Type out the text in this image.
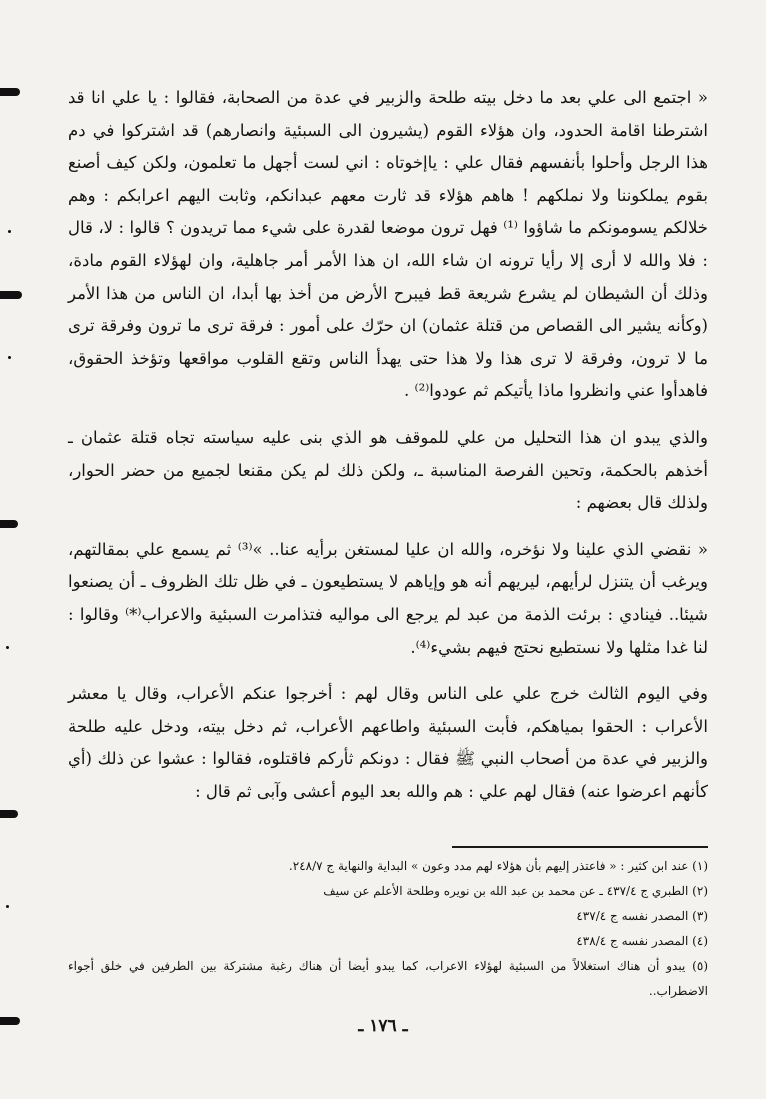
« اجتمع الى علي بعد ما دخل بيته طلحة والزبير في عدة من الصحابة، فقالوا : يا علي انا قد اشترطنا اقامة الحدود، وان هؤلاء القوم (يشيرون الى السبئية وانصارهم) قد اشتركوا في دم هذا الرجل وأحلوا بأنفسهم فقال علي : ياإخوتاه : اني لست أجهل ما تعلمون، ولكن كيف أصنع بقوم يملكوننا ولا نملكهم ! هاهم هؤلاء قد ثارت معهم عبدانكم، وثابت اليهم اعرابكم : وهم خلالكم يسومونكم ما شاؤوا ⁽¹⁾ فهل ترون موضعا لقدرة على شيء مما تريدون ؟ قالوا : لا، قال : فلا والله لا أرى إلا رأيا ترونه ان شاء الله، ان هذا الأمر أمر جاهلية، وان لهؤلاء القوم مادة، وذلك أن الشيطان لم يشرع شريعة قط فيبرح الأرض من أخذ بها أبدا، ان الناس من هذا الأمر (وكأنه يشير الى القصاص من قتلة عثمان) ان حرّك على أمور : فرقة ترى ما ترون وفرقة ترى ما لا ترون، وفرقة لا ترى هذا ولا هذا حتى يهدأ الناس وتقع القلوب مواقعها وتؤخذ الحقوق، فاهدأوا عني وانظروا ماذا يأتيكم ثم عودوا⁽²⁾ .

والذي يبدو ان هذا التحليل من علي للموقف هو الذي بنى عليه سياسته تجاه قتلة عثمان ـ أخذهم بالحكمة، وتحين الفرصة المناسبة ـ، ولكن ذلك لم يكن مقنعا لجميع من حضر الحوار، ولذلك قال بعضهم :

« نقضي الذي علينا ولا نؤخره، والله ان عليا لمستغن برأيه عنا.. »⁽³⁾ ثم يسمع علي بمقالتهم، ويرغب أن يتنزل لرأيهم، ليريهم أنه هو وإياهم لا يستطيعون ـ في ظل تلك الظروف ـ أن يصنعوا شيئا.. فينادي : برئت الذمة من عبد لم يرجع الى مواليه فتذامرت السبئية والاعراب⁽*⁾ وقالوا : لنا غدا مثلها ولا نستطيع نحتج فيهم بشيء⁽⁴⁾.

وفي اليوم الثالث خرج علي على الناس وقال لهم : أخرجوا عنكم الأعراب، وقال يا معشر الأعراب : الحقوا بمياهكم، فأبت السبئية واطاعهم الأعراب، ثم دخل بيته، ودخل عليه طلحة والزبير في عدة من أصحاب النبي ﷺ فقال : دونكم ثأركم فاقتلوه، فقالوا : عشوا عن ذلك (أي كأنهم اعرضوا عنه) فقال لهم علي : هم والله بعد اليوم أعشى وآبى ثم قال :

(١) عند ابن كثير : « فاعتذر إليهم بأن هؤلاء لهم مدد وعون » البداية والنهاية ج ٢٤٨/٧.
(٢) الطبري ج ٤٣٧/٤ ـ عن محمد بن عبد الله بن نويره وطلحة الأعلم عن سيف
(٣) المصدر نفسه ج ٤٣٧/٤
(٤) المصدر نفسه ج ٤٣٨/٤
(٥) يبدو أن هناك استغلالاً من السبئية لهؤلاء الاعراب، كما يبدو أيضا أن هناك رغبة مشتركة بين الطرفين في خلق أجواء الاضطراب..
ـ ١٧٦ ـ
